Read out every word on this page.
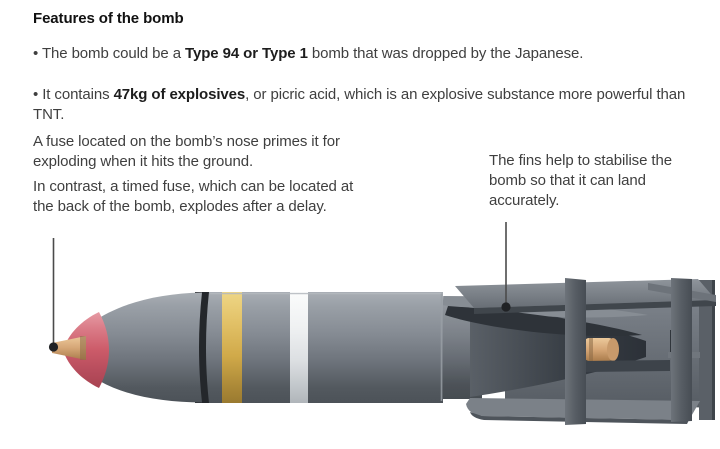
Features of the bomb
• The bomb could be a Type 94 or Type 1 bomb that was dropped by the Japanese.
• It contains 47kg of explosives, or picric acid, which is an explosive substance more powerful than TNT.
A fuse located on the bomb’s nose primes it for exploding when it hits the ground.
In contrast, a timed fuse, which can be located at the back of the bomb, explodes after a delay.
The fins help to stabilise the bomb so that it can land accurately.
